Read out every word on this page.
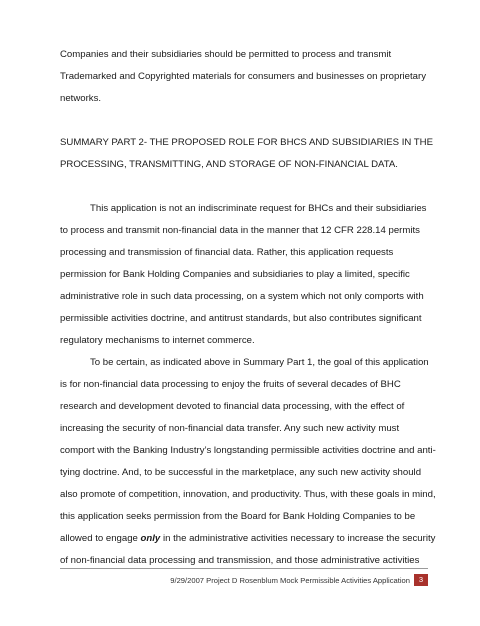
Companies and their subsidiaries should be permitted to process and transmit Trademarked and Copyrighted materials for consumers and businesses on proprietary networks.

SUMMARY PART 2- THE PROPOSED ROLE FOR BHCS AND SUBSIDIARIES IN THE PROCESSING, TRANSMITTING, AND STORAGE OF NON-FINANCIAL DATA.

This application is not an indiscriminate request for BHCs and their subsidiaries to process and transmit non-financial data in the manner that 12 CFR 228.14 permits processing and transmission of financial data. Rather, this application requests permission for Bank Holding Companies and subsidiaries to play a limited, specific administrative role in such data processing, on a system which not only comports with permissible activities doctrine, and antitrust standards, but also contributes significant regulatory mechanisms to internet commerce.

To be certain, as indicated above in Summary Part 1, the goal of this application is for non-financial data processing to enjoy the fruits of several decades of BHC research and development devoted to financial data processing, with the effect of increasing the security of non-financial data transfer. Any such new activity must comport with the Banking Industry’s longstanding permissible activities doctrine and anti-tying doctrine. And, to be successful in the marketplace, any such new activity should also promote of competition, innovation, and productivity. Thus, with these goals in mind, this application seeks permission from the Board for Bank Holding Companies to be allowed to engage only in the administrative activities necessary to increase the security of non-financial data processing and transmission, and those administrative activities

9/29/2007 Project D Rosenblum Mock Permissible Activities Application	3
